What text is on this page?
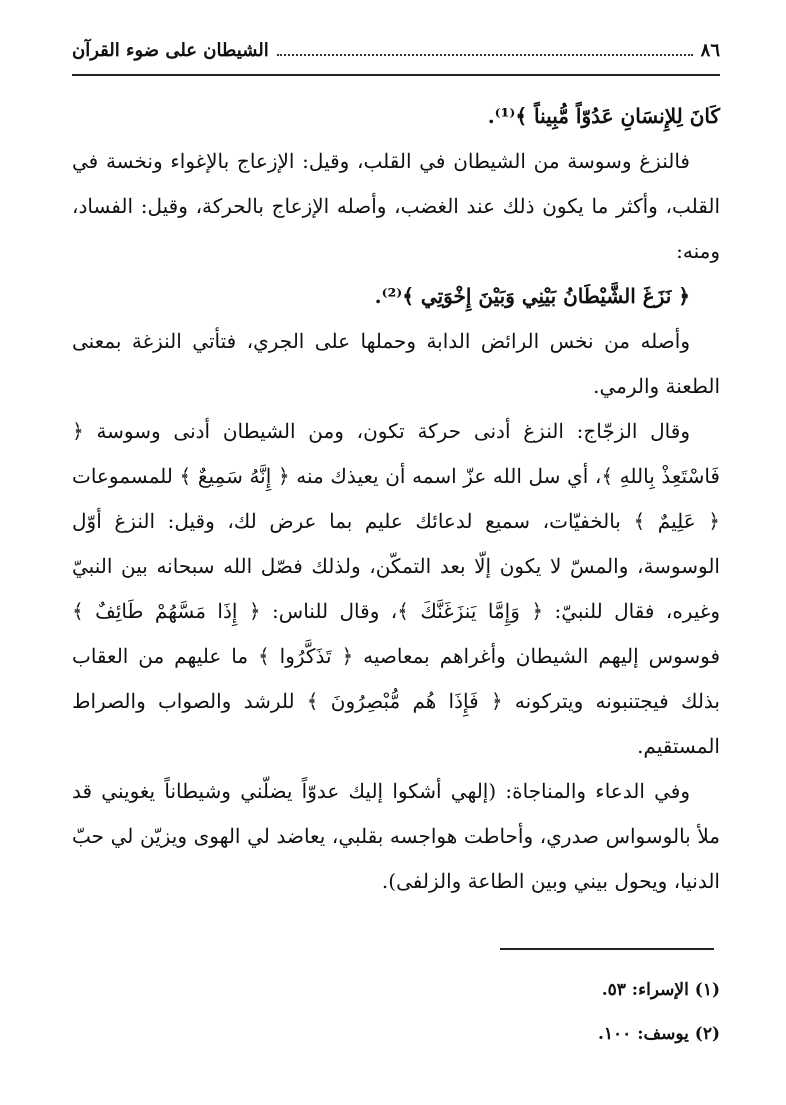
٨٦
الشيطان على ضوء القرآن

كَانَ لِلإِنسَانِ عَدُوّاً مُّبِيناً ﴾⁽¹⁾.

فالنزغ وسوسة من الشيطان في القلب، وقيل: الإزعاج بالإغواء ونخسة في القلب، وأكثر ما يكون ذلك عند الغضب، وأصله الإزعاج بالحركة، وقيل: الفساد، ومنه:

﴿ نَزَغَ الشَّيْطَانُ بَيْنِي وَبَيْنَ إِخْوَتِي ﴾⁽²⁾.

وأصله من نخس الرائض الدابة وحملها على الجري، فتأتي النزغة بمعنى الطعنة والرمي.

وقال الزجّاج: النزغ أدنى حركة تكون، ومن الشيطان أدنى وسوسة ﴿ فَاسْتَعِذْ بِاللهِ ﴾، أي سل الله عزّ اسمه أن يعيذك منه ﴿ إِنَّهُ سَمِيعٌ ﴾ للمسموعات ﴿ عَلِيمٌ ﴾ بالخفيّات، سميع لدعائك عليم بما عرض لك، وقيل: النزغ أوّل الوسوسة، والمسّ لا يكون إلّا بعد التمكّن، ولذلك فصّل الله سبحانه بين النبيّ وغيره، فقال للنبيّ: ﴿ وَإِمَّا يَنزَغَنَّكَ ﴾، وقال للناس: ﴿ إِذَا مَسَّهُمْ طَائِفٌ ﴾ فوسوس إليهم الشيطان وأغراهم بمعاصيه ﴿ تَذَكَّرُوا ﴾ ما عليهم من العقاب بذلك فيجتنبونه ويتركونه ﴿ فَإِذَا هُم مُّبْصِرُونَ ﴾ للرشد والصواب والصراط المستقيم.

وفي الدعاء والمناجاة: (إلهي أشكوا إليك عدوّاً يضلّني وشيطاناً يغويني قد ملأ بالوسواس صدري، وأحاطت هواجسه بقلبي، يعاضد لي الهوى ويزيّن لي حبّ الدنيا، ويحول بيني وبين الطاعة والزلفى).

(١) الإسراء: ٥٣.

(٢) يوسف: ١٠٠.
